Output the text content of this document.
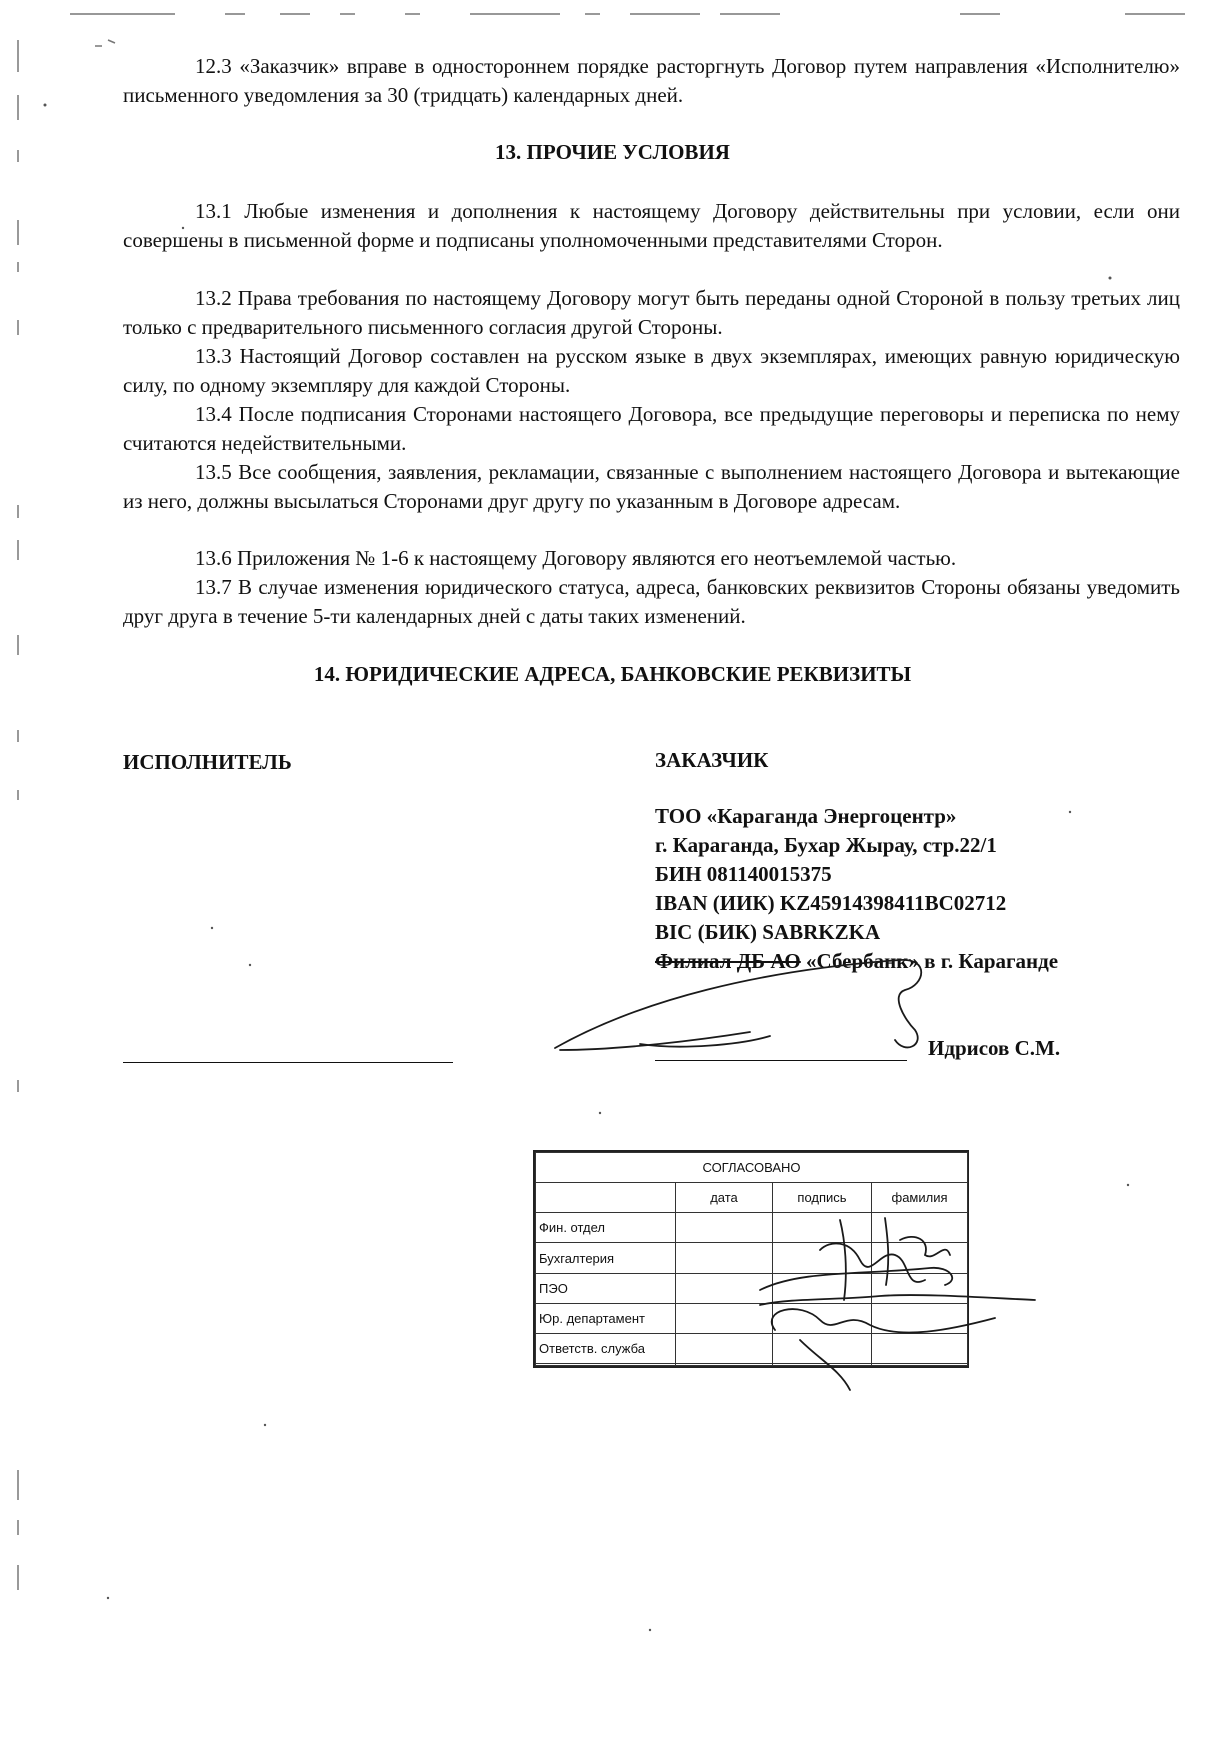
12.3 «Заказчик» вправе в одностороннем порядке расторгнуть Договор путем направления «Исполнителю» письменного уведомления за 30 (тридцать) календарных дней.
13. ПРОЧИЕ УСЛОВИЯ
13.1 Любые изменения и дополнения к настоящему Договору действительны при условии, если они совершены в письменной форме и подписаны уполномоченными представителями Сторон.
13.2 Права требования по настоящему Договору могут быть переданы одной Стороной в пользу третьих лиц только с предварительного письменного согласия другой Стороны.
13.3 Настоящий Договор составлен на русском языке в двух экземплярах, имеющих равную юридическую силу, по одному экземпляру для каждой Стороны.
13.4 После подписания Сторонами настоящего Договора, все предыдущие переговоры и переписка по нему считаются недействительными.
13.5 Все сообщения, заявления, рекламации, связанные с выполнением настоящего Договора и вытекающие из него, должны высылаться Сторонами друг другу по указанным в Договоре адресам.
13.6 Приложения № 1-6 к настоящему Договору являются его неотъемлемой частью.
13.7 В случае изменения юридического статуса, адреса, банковских реквизитов Стороны обязаны уведомить друг друга в течение 5-ти календарных дней с даты таких изменений.
14. ЮРИДИЧЕСКИЕ АДРЕСА, БАНКОВСКИЕ РЕКВИЗИТЫ
ИСПОЛНИТЕЛЬ	ЗАКАЗЧИК
ТОО «Караганда Энергоцентр»
г. Караганда, Бухар Жырау, стр.22/1
БИН 081140015375
IBAN (ИИК) KZ45914398411BC02712
BIC (БИК) SABRKZKA
Филиал ДБ АО «Сбербанк» в г. Караганде
Идрисов С.М.
СОГЛАСОВАНО			
	дата	подпись	фамилия
Фин. отдел			
Бухгалтерия			
ПЭО			
Юр. департамент			
Ответств. служба			
